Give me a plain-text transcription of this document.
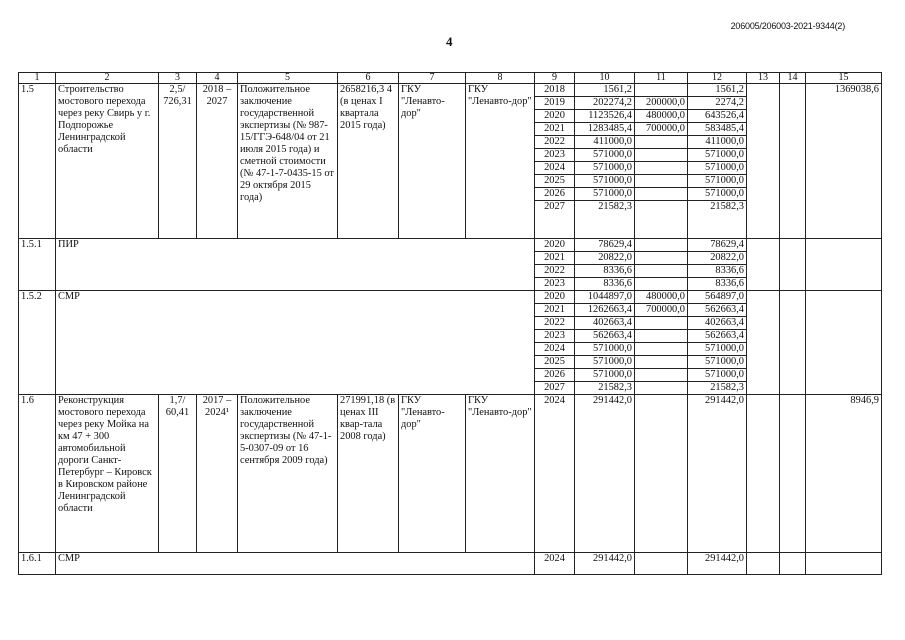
206005/206003-2021-9344(2)
4
1	2	3	4	5	6	7	8	9	10	11	12	13	14	15
1.5	Строительство мостового перехода через реку Свирь у г. Подпорожье Ленинградской области	2,5/ 726,31	2018 – 2027	Положительное заключение государственной экспертизы (№ 987-15/ГГЭ-648/04 от 21 июля 2015 года) и сметной стоимости (№ 47-1-7-0435-15 от 29 октября 2015 года)	2658216,3 4 (в ценах I квартала 2015 года)	ГКУ "Ленавто-дор"	ГКУ "Ленавто-дор"	2018	1561,2		1561,2			1369038,6
								2019	202274,2	200000,0	2274,2			
								2020	1123526,4	480000,0	643526,4			
								2021	1283485,4	700000,0	583485,4			
								2022	411000,0		411000,0			
								2023	571000,0		571000,0			
								2024	571000,0		571000,0			
								2025	571000,0		571000,0			
								2026	571000,0		571000,0			
								2027	21582,3		21582,3			
1.5.1	ПИР							2020	78629,4		78629,4			
								2021	20822,0		20822,0			
								2022	8336,6		8336,6			
								2023	8336,6		8336,6			
1.5.2	СМР							2020	1044897,0	480000,0	564897,0			
								2021	1262663,4	700000,0	562663,4			
								2022	402663,4		402663,4			
								2023	562663,4		562663,4			
								2024	571000,0		571000,0			
								2025	571000,0		571000,0			
								2026	571000,0		571000,0			
								2027	21582,3		21582,3			
1.6	Реконструкция мостового перехода через реку Мойка на км 47 + 300 автомобильной дороги Санкт-Петербург – Кировск в Кировском районе Ленинградской области	1,7/ 60,41	2017 – 2024¹	Положительное заключение государственной экспертизы (№ 47-1-5-0307-09 от 16 сентября 2009 года)	271991,18 (в ценах III квар-тала 2008 года)	ГКУ "Ленавто-дор"	ГКУ "Ленавто-дор"	2024	291442,0		291442,0			8946,9
1.6.1	СМР							2024	291442,0		291442,0			
